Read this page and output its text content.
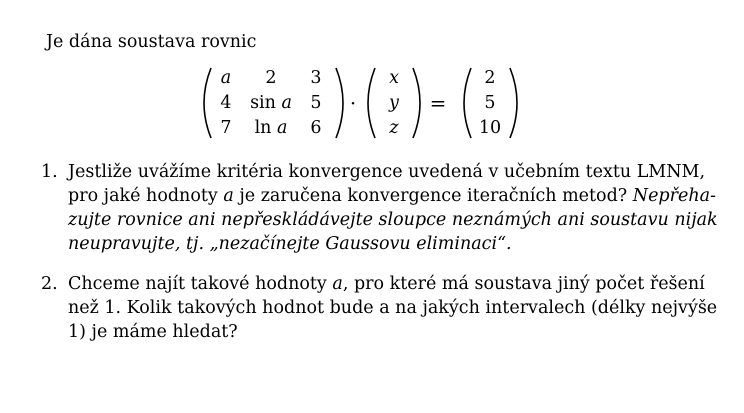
Je dána soustava rovnic
a 2 3
4 sin a 5
7 ln a 6
·
x
y
z
=
2
5
10
1. Jestliže uvážíme kritéria konvergence uvedená v učebním textu LMNM,
pro jaké hodnoty a je zaručena konvergence iteračních metod? Nepřeha-
zujte rovnice ani nepřeskládávejte sloupce neznámých ani soustavu nijak
neupravujte, tj. „nezačínejte Gaussovu eliminaci“.
2. Chceme najít takové hodnoty a, pro které má soustava jiný počet řešení
než 1. Kolik takových hodnot bude a na jakých intervalech (délky nejvýše
1) je máme hledat?
